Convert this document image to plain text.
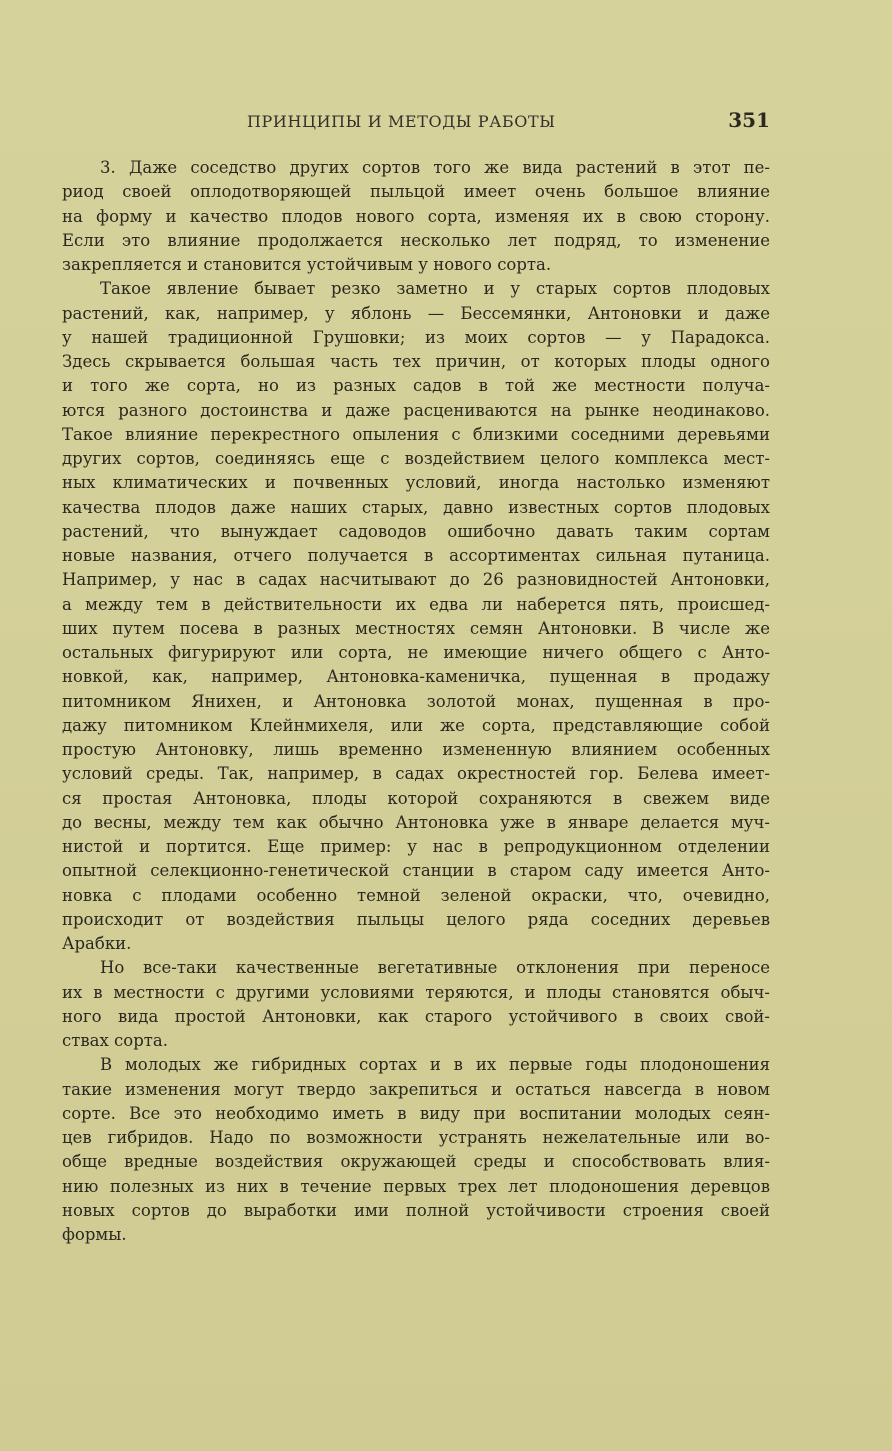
ПРИНЦИПЫ И МЕТОДЫ РАБОТЫ	351
3. Даже соседство других сортов того же вида растений в этот пе-
риод своей оплодотворяющей пыльцой имеет очень большое влияние
на форму и качество плодов нового сорта, изменяя их в свою сторону.
Если это влияние продолжается несколько лет подряд, то изменение
закрепляется и становится устойчивым у нового сорта.
Такое явление бывает резко заметно и у старых сортов плодовых
растений, как, например, у яблонь — Бессемянки, Антоновки и даже
у нашей традиционной Грушовки; из моих сортов — у Парадокса.
Здесь скрывается большая часть тех причин, от которых плоды одного
и того же сорта, но из разных садов в той же местности получа-
ются разного достоинства и даже расцениваются на рынке неодинаково.
Такое влияние перекрестного опыления с близкими соседними деревьями
других сортов, соединяясь еще с воздействием целого комплекса мест-
ных климатических и почвенных условий, иногда настолько изменяют
качества плодов даже наших старых, давно известных сортов плодовых
растений, что вынуждает садоводов ошибочно давать таким сортам
новые названия, отчего получается в ассортиментах сильная путаница.
Например, у нас в садах насчитывают до 26 разновидностей Антоновки,
а между тем в действительности их едва ли наберется пять, происшед-
ших путем посева в разных местностях семян Антоновки. В числе же
остальных фигурируют или сорта, не имеющие ничего общего с Анто-
новкой, как, например, Антоновка-каменичка, пущенная в продажу
питомником Янихен, и Антоновка золотой монах, пущенная в про-
дажу питомником Клейнмихеля, или же сорта, представляющие собой
простую Антоновку, лишь временно измененную влиянием особенных
условий среды. Так, например, в садах окрестностей гор. Белева имеет-
ся простая Антоновка, плоды которой сохраняются в свежем виде
до весны, между тем как обычно Антоновка уже в январе делается муч-
нистой и портится. Еще пример: у нас в репродукционном отделении
опытной селекционно-генетической станции в старом саду имеется Анто-
новка с плодами особенно темной зеленой окраски, что, очевидно,
происходит от воздействия пыльцы целого ряда соседних деревьев
Арабки.
Но все-таки качественные вегетативные отклонения при переносе
их в местности с другими условиями теряются, и плоды становятся обыч-
ного вида простой Антоновки, как старого устойчивого в своих свой-
ствах сорта.
В молодых же гибридных сортах и в их первые годы плодоношения
такие изменения могут твердо закрепиться и остаться навсегда в новом
сорте. Все это необходимо иметь в виду при воспитании молодых сеян-
цев гибридов. Надо по возможности устранять нежелательные или во-
обще вредные воздействия окружающей среды и способствовать влия-
нию полезных из них в течение первых трех лет плодоношения деревцов
новых сортов до выработки ими полной устойчивости строения своей
формы.
